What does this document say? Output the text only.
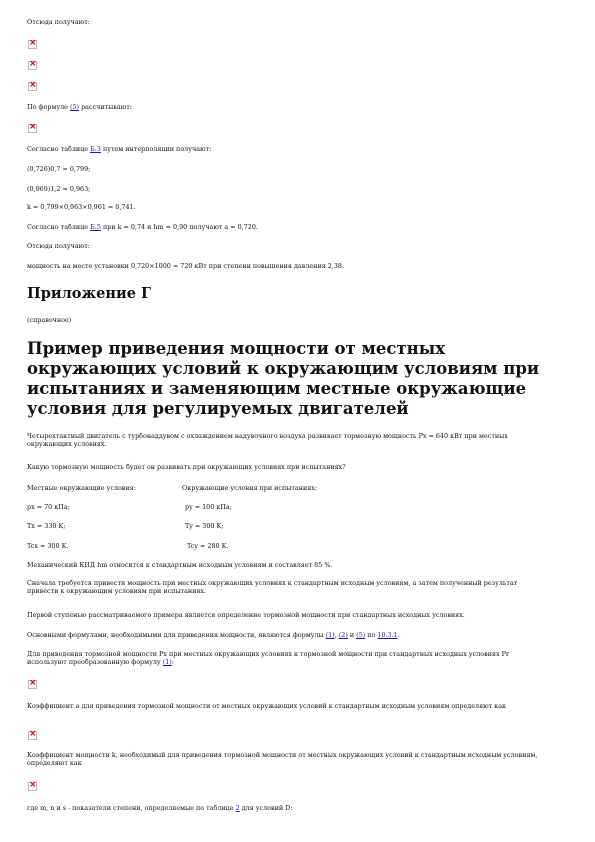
Отсюда получают:
×
×
×
По формуле (5) рассчитывают:
×
Согласно таблице Б.3 путем интерполяции получают:
(0,726)0,7 = 0,799;
(0,969)1,2 = 0,963;
k = 0,799×0,963×0,961 = 0,741.
Согласно таблице Б.5 при k = 0,74 и hm = 0,90 получают a = 0,720.
Отсюда получают:
мощность на месте установки 0,720×1000 = 720 кВт при степени повышения давления 2,38.
Приложение Г
(справочное)
Пример приведения мощности от местных окружающих условий к окружающим условиям при испытаниях и заменяющим местные окружающие условия для регулируемых двигателей
Четырехтактный двигатель с турбонаддувом с охлаждением надувочного воздуха развивает тормозную мощность Px = 640 кВт при местных окружающих условиях.
Какую тормозную мощность будет он развивать при окружающих условиях при испытаниях?
Местные окружающие условия:	Окружающие условия при испытаниях:
px = 70 кПа;	py = 100 кПа;
Tx = 330 K;	Ty = 300 K;
Tcx = 300 K.	Tcy = 280 K.
Механический КПД hm относится к стандартным исходным условиям и составляет 85 %.
Сначала требуется привести мощность при местных окружающих условиях к стандартным исходным условиям, а затем полученный результат привести к окружающим условиям при испытаниях.
Первой ступенью рассматриваемого примера является определение тормозной мощности при стандартных исходных условиях.
Основными формулами, необходимыми для приведения мощности, являются формулы (1), (2) и (5) по 10.3.1.
Для приведения тормозной мощности Px при местных окружающих условиях к тормозной мощности при стандартных исходных условиях Pr используют преобразованную формулу (1):
×
Коэффициент a для приведения тормозной мощности от местных окружающих условий к стандартным исходным условиям определяют как
×
Коэффициент мощности k, необходимый для приведения тормозной мощности от местных окружающих условий к стандартным исходным условиям, определяют как
×
где m, n и s - показатели степени, определяемые по таблице 2 для условий D:
